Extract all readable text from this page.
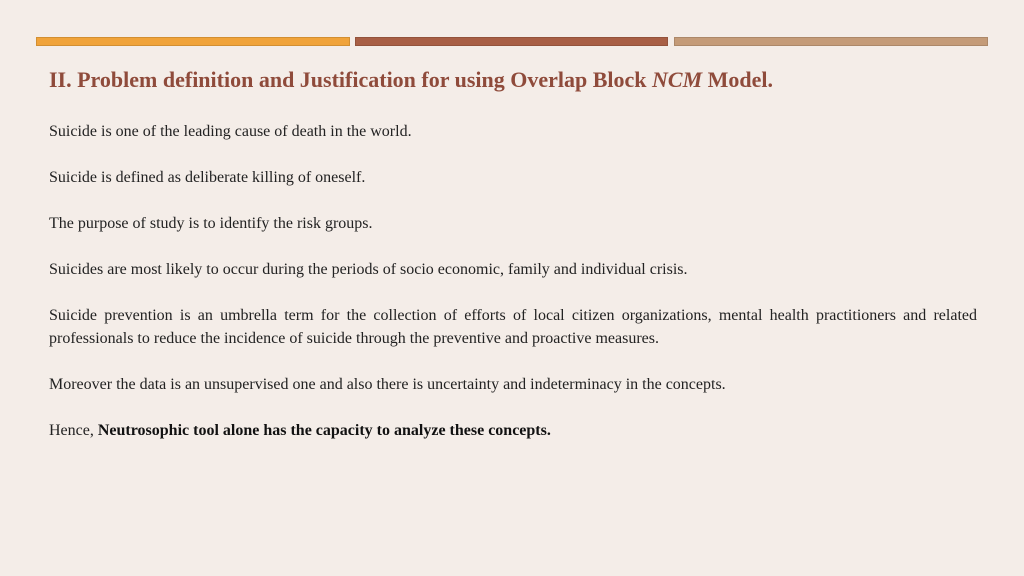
II. Problem definition and Justification for using Overlap Block NCM Model.

Suicide is one of the leading cause of death in the world.

Suicide is defined as deliberate killing of oneself.

The purpose of study is to identify the risk groups.

Suicides are most likely to occur during the periods of socio economic, family and individual crisis.

Suicide prevention is an umbrella term for the collection of efforts of local citizen organizations, mental health practitioners and related professionals to reduce the incidence of suicide through the preventive and proactive measures.

Moreover the data is an unsupervised one and also there is uncertainty and indeterminacy in the concepts.

Hence, Neutrosophic tool alone has the capacity to analyze these concepts.
